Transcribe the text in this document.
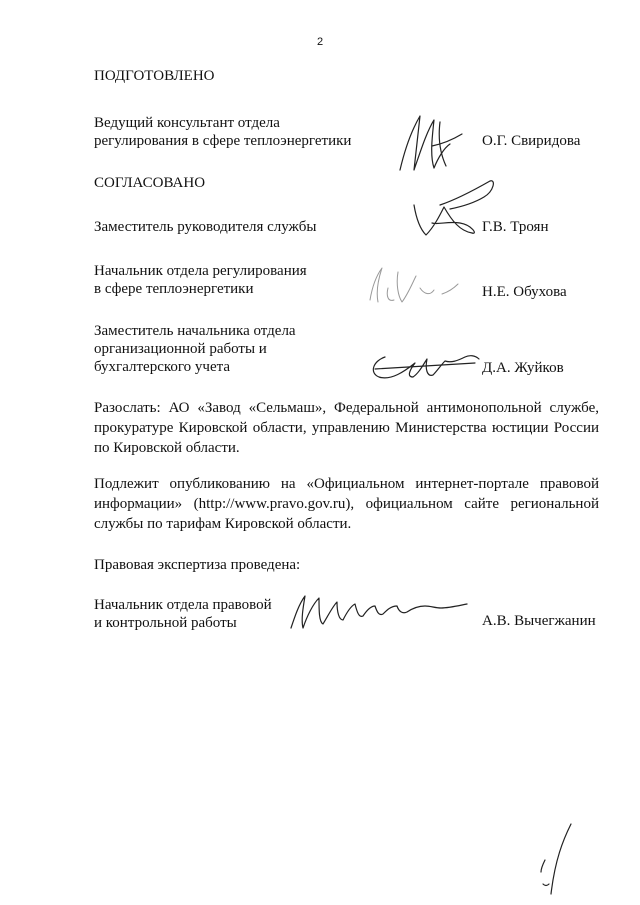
2
ПОДГОТОВЛЕНО
Ведущий консультант отдела
регулирования в сфере теплоэнергетики	О.Г. Свиридова
СОГЛАСОВАНО
Заместитель руководителя службы	Г.В. Троян
Начальник отдела регулирования
в сфере теплоэнергетики	Н.Е. Обухова
Заместитель начальника отдела
организационной работы и
бухгалтерского учета	Д.А. Жуйков
Разослать: АО «Завод «Сельмаш», Федеральной антимонопольной службе, прокуратуре Кировской области, управлению Министерства юстиции России по Кировской области.
Подлежит опубликованию на «Официальном интернет-портале правовой информации» (http://www.pravo.gov.ru), официальном сайте региональной службы по тарифам Кировской области.
Правовая экспертиза проведена:
Начальник отдела правовой
и контрольной работы	А.В. Вычегжанин
